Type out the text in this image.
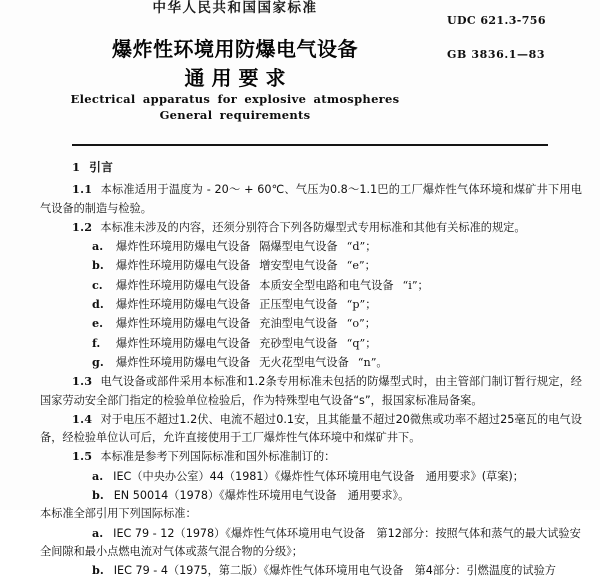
中华人民共和国国家标准
UDC 621.3-756
GB 3836.1—83
爆炸性环境用防爆电气设备
通用要求
Electrical apparatus for explosive atmospheres
General requirements

1 引言

1.1 本标准适用于温度为 - 20～ + 60℃、气压为0.8～1.1巴的工厂爆炸性气体环境和煤矿井下用电气设备的制造与检验。

1.2 本标准未涉及的内容，还须分别符合下列各防爆型式专用标准和其他有关标准的规定。

a. 爆炸性环境用防爆电气设备 隔爆型电气设备 “d”；

b. 爆炸性环境用防爆电气设备 增安型电气设备 “e”；

c. 爆炸性环境用防爆电气设备 本质安全型电路和电气设备 “i”；

d. 爆炸性环境用防爆电气设备 正压型电气设备 “p”；

e. 爆炸性环境用防爆电气设备 充油型电气设备 “o”；

f. 爆炸性环境用防爆电气设备 充砂型电气设备 “q”；

g. 爆炸性环境用防爆电气设备 无火花型电气设备 “n”。

1.3 电气设备或部件采用本标准和1.2条专用标准未包括的防爆型式时，由主管部门制订暂行规定，经国家劳动安全部门指定的检验单位检验后，作为特殊型电气设备“s”，报国家标准局备案。

1.4 对于电压不超过1.2伏、电流不超过0.1安，且其能量不超过20微焦或功率不超过25毫瓦的电气设备，经检验单位认可后，允许直接使用于工厂爆炸性气体环境中和煤矿井下。

1.5 本标准是参考下列国际标准和国外标准制订的：

a. IEC（中央办公室）44（1981）《爆炸性气体环境用电气设备　通用要求》(草案)；

b. EN 50014（1978）《爆炸性环境用电气设备　通用要求》。

本标准全部引用下列国际标准：

a. IEC 79 - 12（1978）《爆炸性气体环境用电气设备　第12部分：按照气体和蒸气的最大试验安全间隙和最小点燃电流对气体或蒸气混合物的分级》；

b. IEC 79 - 4（1975，第二版）《爆炸性气体环境用电气设备　第4部分：引燃温度的试验方
